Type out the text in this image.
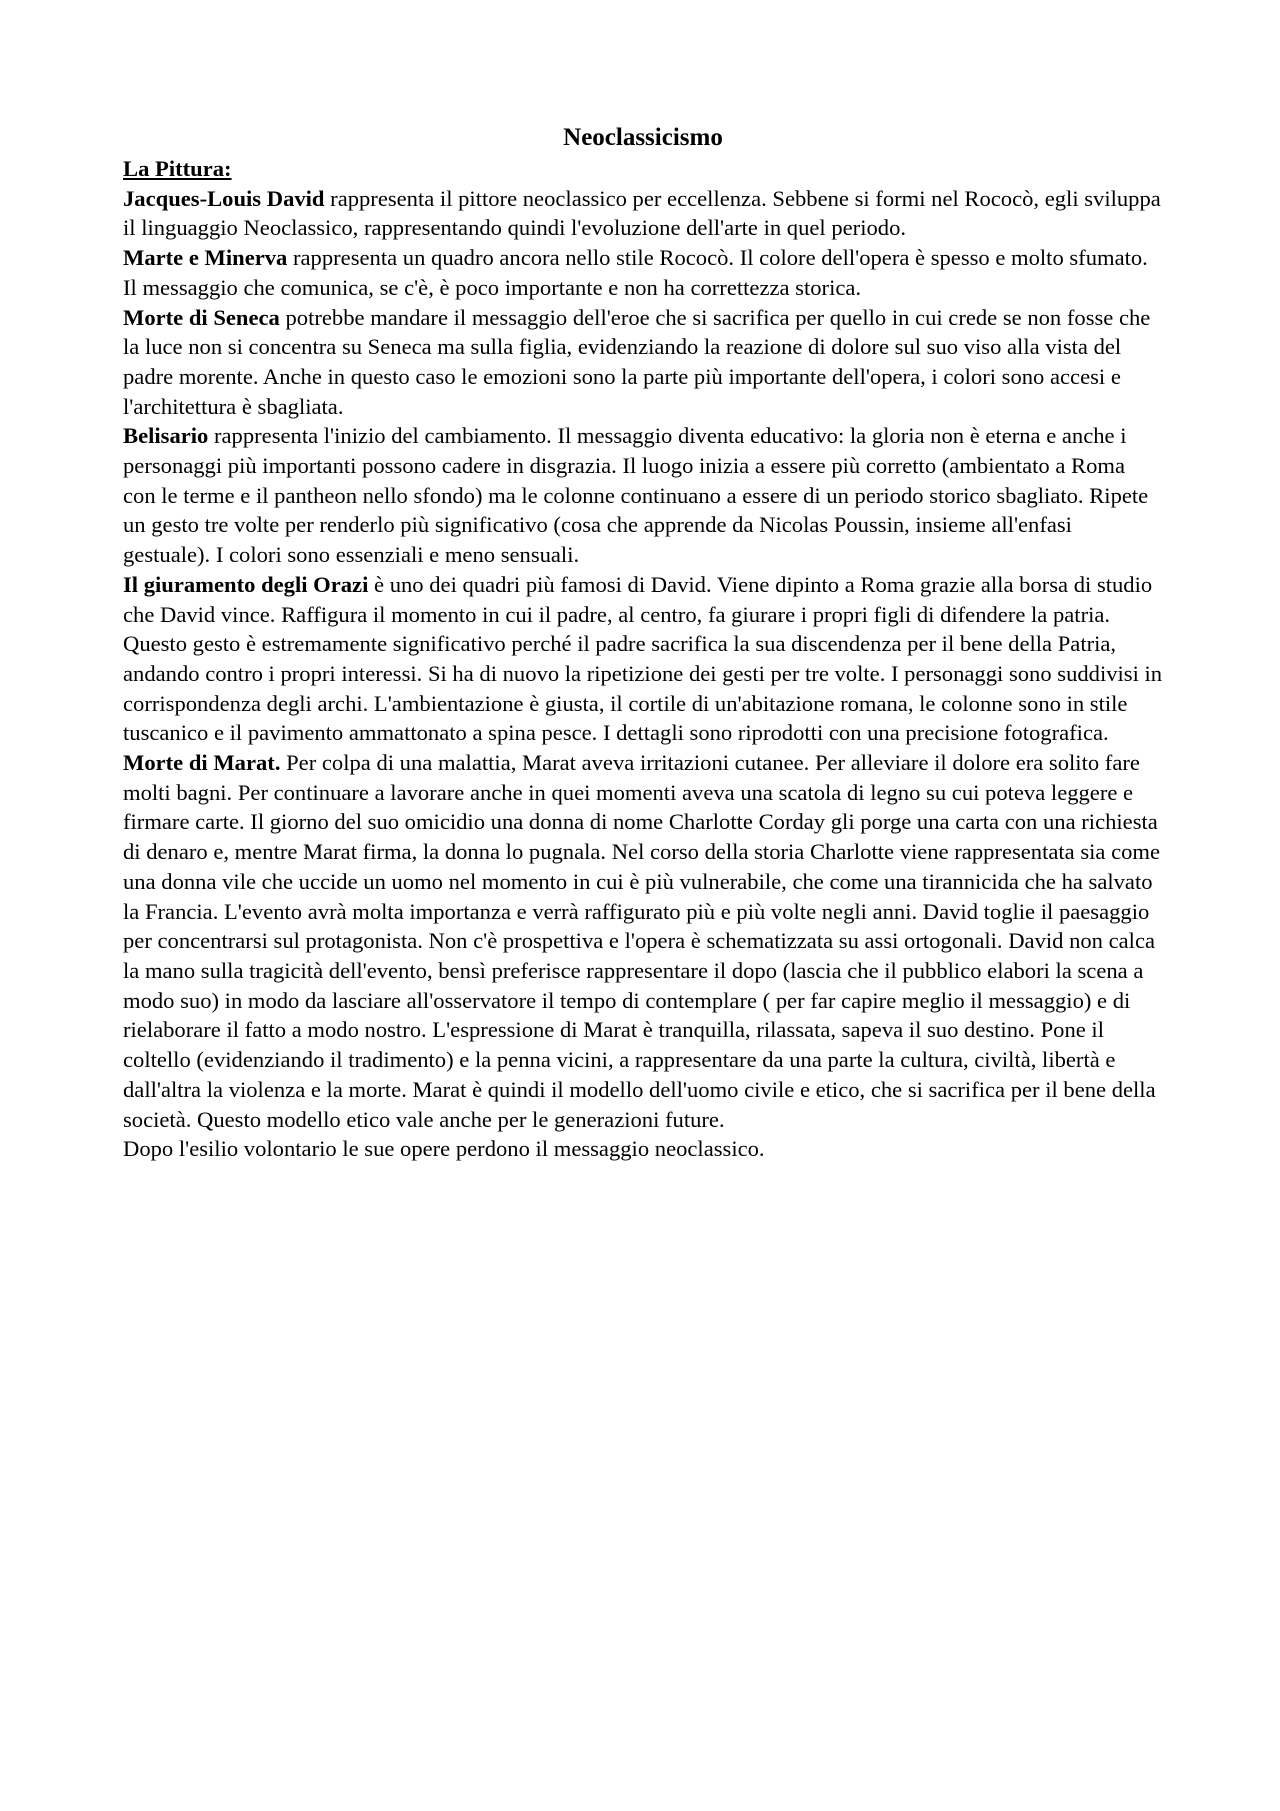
Neoclassicismo
La Pittura:

Jacques-Louis David rappresenta il pittore neoclassico per eccellenza. Sebbene si formi nel Rococò, egli sviluppa il linguaggio Neoclassico, rappresentando quindi l'evoluzione dell'arte in quel periodo.

Marte e Minerva rappresenta un quadro ancora nello stile Rococò. Il colore dell'opera è spesso e molto sfumato. Il messaggio che comunica, se c'è, è poco importante e non ha correttezza storica.

Morte di Seneca potrebbe mandare il messaggio dell'eroe che si sacrifica per quello in cui crede se non fosse che la luce non si concentra su Seneca ma sulla figlia, evidenziando la reazione di dolore sul suo viso alla vista del padre morente. Anche in questo caso le emozioni sono la parte più importante dell'opera, i colori sono accesi e l'architettura è sbagliata.

Belisario rappresenta l'inizio del cambiamento. Il messaggio diventa educativo: la gloria non è eterna e anche i personaggi più importanti possono cadere in disgrazia. Il luogo inizia a essere più corretto (ambientato a Roma con le terme e il pantheon nello sfondo) ma le colonne continuano a essere di un periodo storico sbagliato. Ripete un gesto tre volte per renderlo più significativo (cosa che apprende da Nicolas Poussin, insieme all'enfasi gestuale). I colori sono essenziali e meno sensuali.

Il giuramento degli Orazi è uno dei quadri più famosi di David. Viene dipinto a Roma grazie alla borsa di studio che David vince. Raffigura il momento in cui il padre, al centro, fa giurare i propri figli di difendere la patria. Questo gesto è estremamente significativo perché il padre sacrifica la sua discendenza per il bene della Patria, andando contro i propri interessi. Si ha di nuovo la ripetizione dei gesti per tre volte. I personaggi sono suddivisi in corrispondenza degli archi. L'ambientazione è giusta, il cortile di un'abitazione romana, le colonne sono in stile tuscanico e il pavimento ammattonato a spina pesce. I dettagli sono riprodotti con una precisione fotografica.

Morte di Marat. Per colpa di una malattia, Marat aveva irritazioni cutanee. Per alleviare il dolore era solito fare molti bagni. Per continuare a lavorare anche in quei momenti aveva una scatola di legno su cui poteva leggere e firmare carte. Il giorno del suo omicidio una donna di nome Charlotte Corday gli porge una carta con una richiesta di denaro e, mentre Marat firma, la donna lo pugnala. Nel corso della storia Charlotte viene rappresentata sia come una donna vile che uccide un uomo nel momento in cui è più vulnerabile, che come una tirannicida che ha salvato la Francia. L'evento avrà molta importanza e verrà raffigurato più e più volte negli anni. David toglie il paesaggio per concentrarsi sul protagonista. Non c'è prospettiva e l'opera è schematizzata su assi ortogonali. David non calca la mano sulla tragicità dell'evento, bensì preferisce rappresentare il dopo (lascia che il pubblico elabori la scena a modo suo) in modo da lasciare all'osservatore il tempo di contemplare ( per far capire meglio il messaggio) e di rielaborare il fatto a modo nostro. L'espressione di Marat è tranquilla, rilassata, sapeva il suo destino. Pone il coltello (evidenziando il tradimento) e la penna vicini, a rappresentare da una parte la cultura, civiltà, libertà e dall'altra la violenza e la morte. Marat è quindi il modello dell'uomo civile e etico, che si sacrifica per il bene della società. Questo modello etico vale anche per le generazioni future.

Dopo l'esilio volontario le sue opere perdono il messaggio neoclassico.
